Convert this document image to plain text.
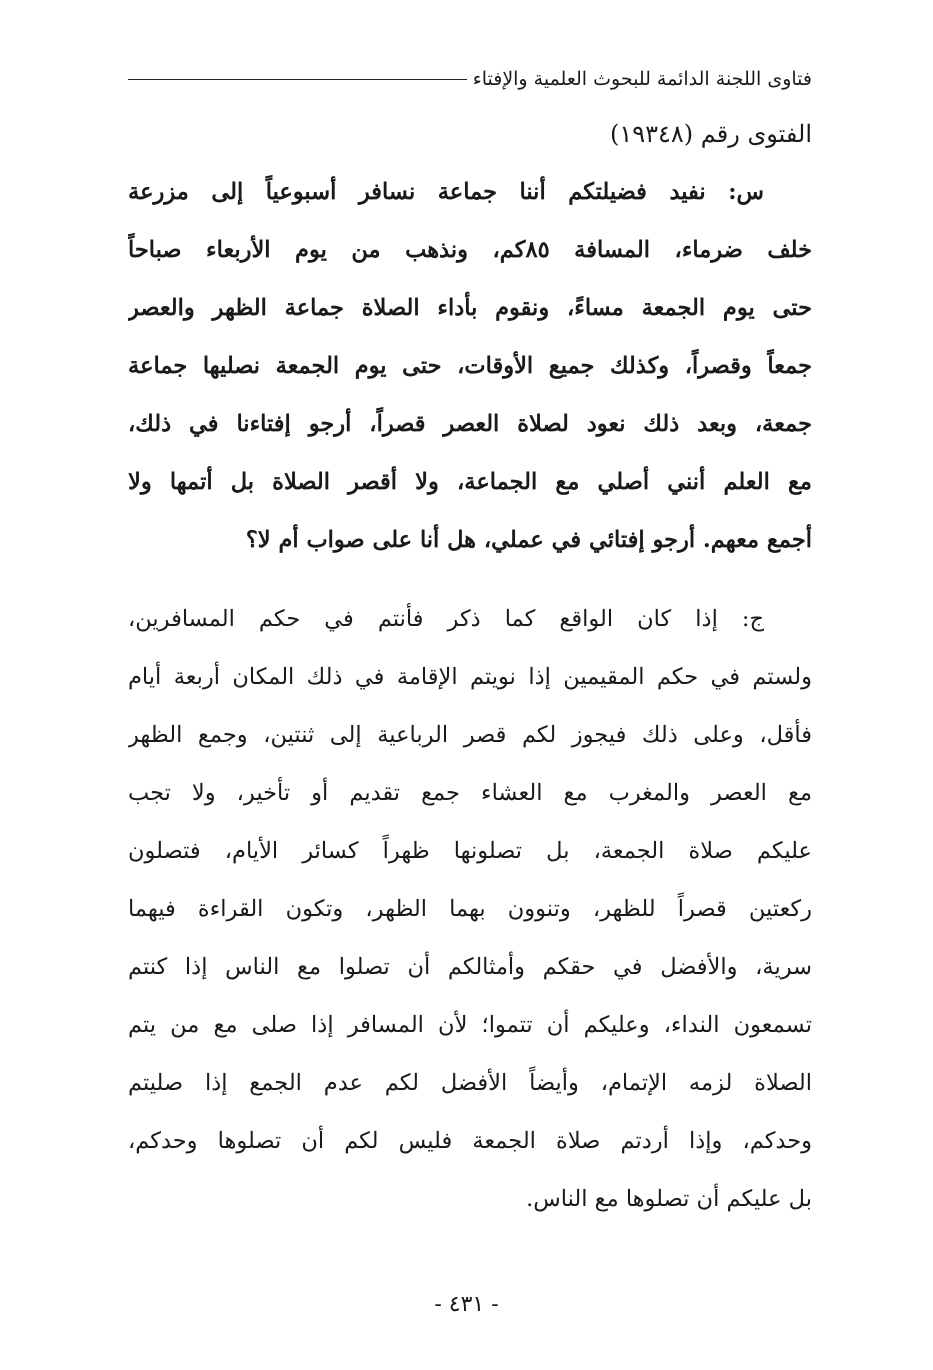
فتاوى اللجنة الدائمة للبحوث العلمية والإفتاء
الفتوى رقم (١٩٣٤٨)
س: نفيد فضيلتكم أننا جماعة نسافر أسبوعياً إلى مزرعة
خلف ضرماء، المسافة ٨٥كم، ونذهب من يوم الأربعاء صباحاً
حتى يوم الجمعة مساءً، ونقوم بأداء الصلاة جماعة الظهر والعصر
جمعاً وقصراً، وكذلك جميع الأوقات، حتى يوم الجمعة نصليها جماعة
جمعة، وبعد ذلك نعود لصلاة العصر قصراً، أرجو إفتاءنا في ذلك،
مع العلم أنني أصلي مع الجماعة، ولا أقصر الصلاة بل أتمها ولا
أجمع معهم. أرجو إفتائي في عملي، هل أنا على صواب أم لا؟
ج: إذا كان الواقع كما ذكر فأنتم في حكم المسافرين،
ولستم في حكم المقيمين إذا نويتم الإقامة في ذلك المكان أربعة أيام
فأقل، وعلى ذلك فيجوز لكم قصر الرباعية إلى ثنتين، وجمع الظهر
مع العصر والمغرب مع العشاء جمع تقديم أو تأخير، ولا تجب
عليكم صلاة الجمعة، بل تصلونها ظهراً كسائر الأيام، فتصلون
ركعتين قصراً للظهر، وتنوون بهما الظهر، وتكون القراءة فيهما
سرية، والأفضل في حقكم وأمثالكم أن تصلوا مع الناس إذا كنتم
تسمعون النداء، وعليكم أن تتموا؛ لأن المسافر إذا صلى مع من يتم
الصلاة لزمه الإتمام، وأيضاً الأفضل لكم عدم الجمع إذا صليتم
وحدكم، وإذا أردتم صلاة الجمعة فليس لكم أن تصلوها وحدكم،
بل عليكم أن تصلوها مع الناس.
- ٤٣١ -
